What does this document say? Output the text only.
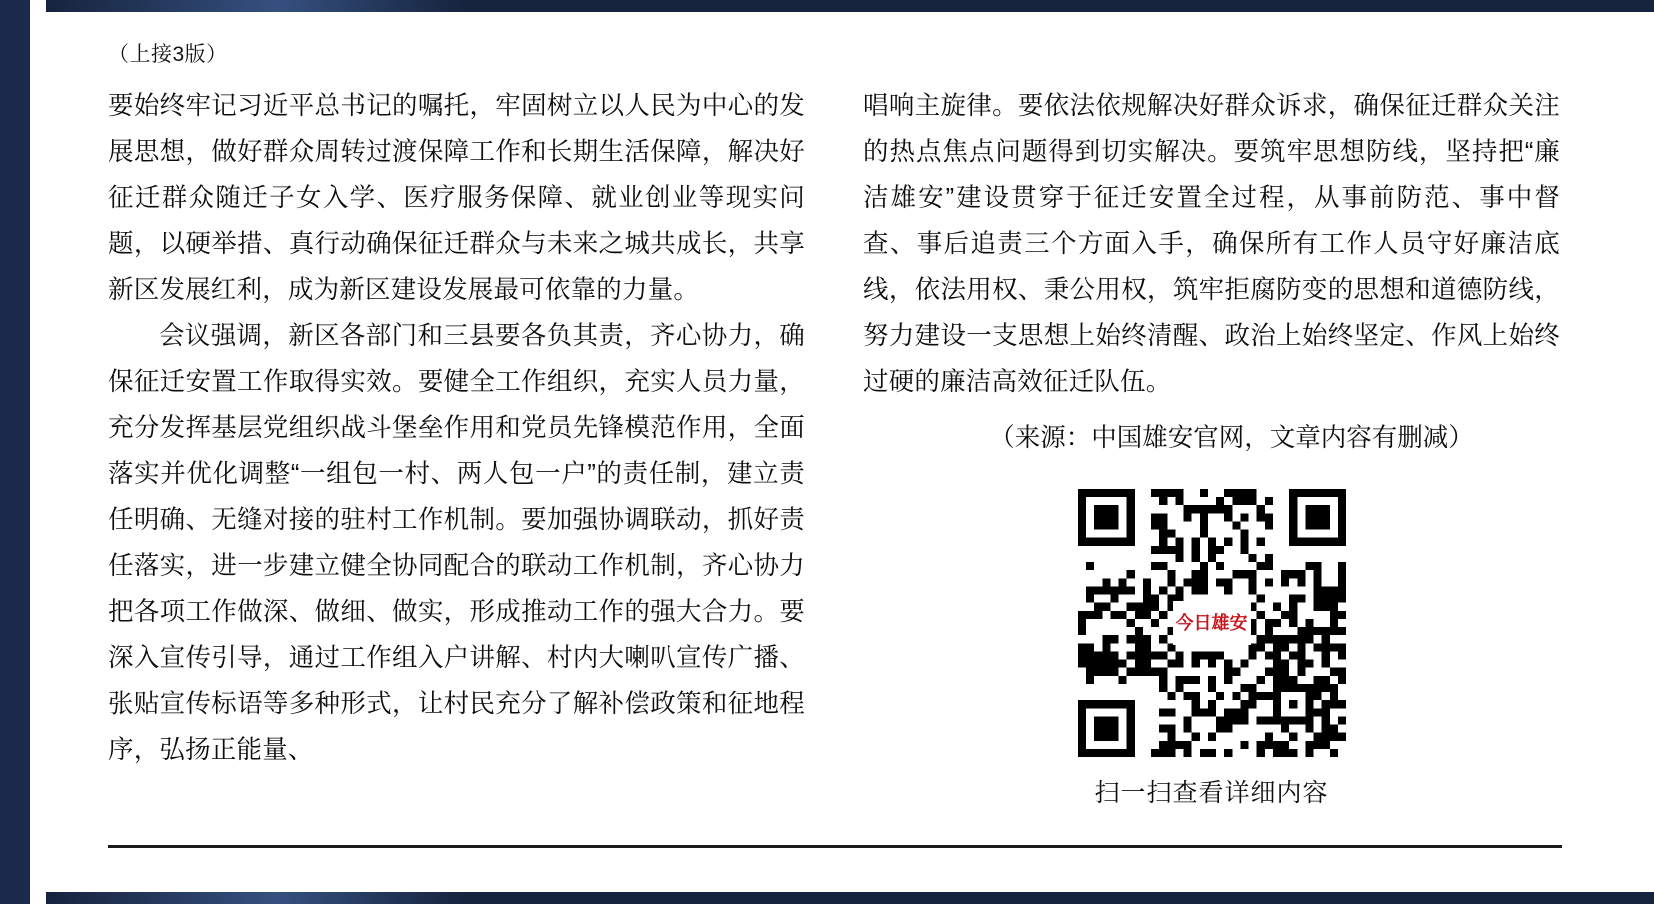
（上接3版）

要始终牢记习近平总书记的嘱托，牢固树立以人民为中心的发展思想，做好群众周转过渡保障工作和长期生活保障，解决好征迁群众随迁子女入学、医疗服务保障、就业创业等现实问题，以硬举措、真行动确保征迁群众与未来之城共成长，共享新区发展红利，成为新区建设发展最可依靠的力量。

会议强调，新区各部门和三县要各负其责，齐心协力，确保征迁安置工作取得实效。要健全工作组织，充实人员力量，充分发挥基层党组织战斗堡垒作用和党员先锋模范作用，全面落实并优化调整“一组包一村、两人包一户”的责任制，建立责任明确、无缝对接的驻村工作机制。要加强协调联动，抓好责任落实，进一步建立健全协同配合的联动工作机制，齐心协力把各项工作做深、做细、做实，形成推动工作的强大合力。要深入宣传引导，通过工作组入户讲解、村内大喇叭宣传广播、张贴宣传标语等多种形式，让村民充分了解补偿政策和征地程序，弘扬正能量、

唱响主旋律。要依法依规解决好群众诉求，确保征迁群众关注的热点焦点问题得到切实解决。要筑牢思想防线，坚持把“廉洁雄安”建设贯穿于征迁安置全过程，从事前防范、事中督查、事后追责三个方面入手，确保所有工作人员守好廉洁底线，依法用权、秉公用权，筑牢拒腐防变的思想和道德防线，努力建设一支思想上始终清醒、政治上始终坚定、作风上始终过硬的廉洁高效征迁队伍。

（来源：中国雄安官网，文章内容有删减）
今日雄安
扫一扫查看详细内容
